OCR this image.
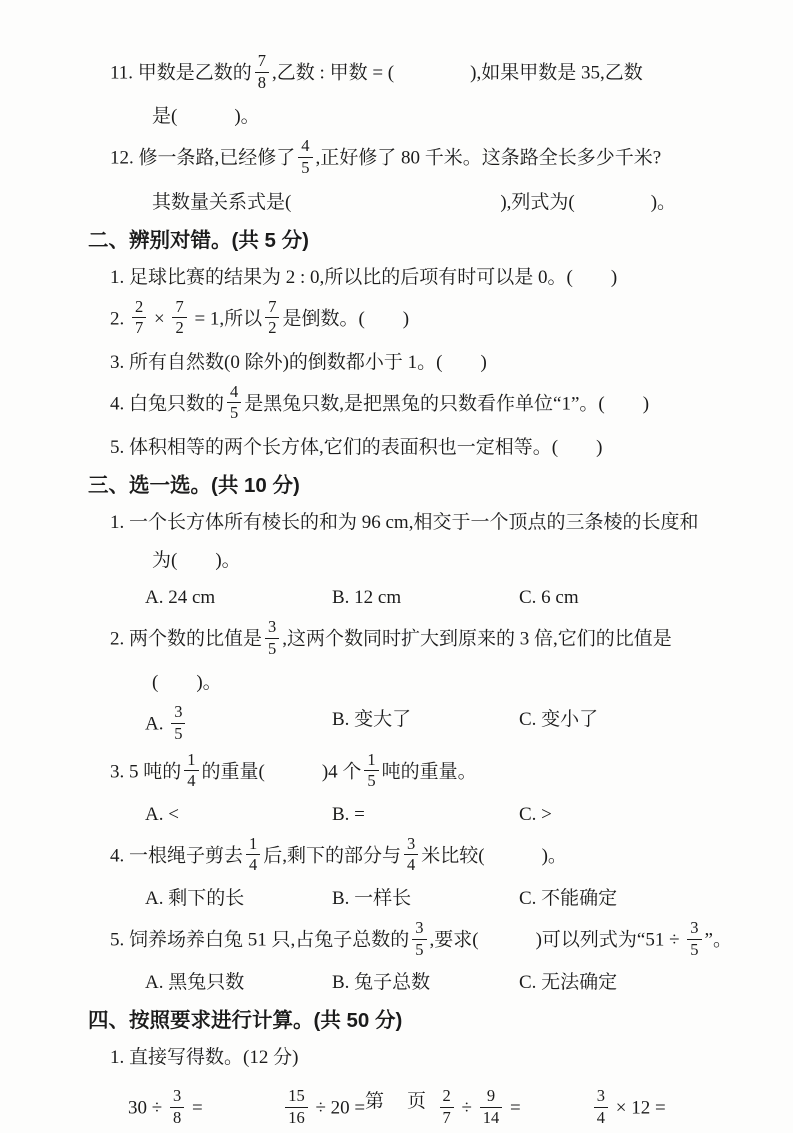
11. 甲数是乙数的 $\frac{7}{8}$ ,乙数 : 甲数 = (　　　　),如果甲数是 35,乙数
是(　　　)。
12. 修一条路,已经修了 $\frac{4}{5}$ ,正好修了 80 千米。这条路全长多少千米?
其数量关系式是(　　　　　　　　　　　),列式为(　　　　)。
二、辨别对错。(共 5 分)
1. 足球比赛的结果为 2 : 0,所以比的后项有时可以是 0。(　　)
2. $\frac{2}{7} \times \frac{7}{2} = 1$,所以 $\frac{7}{2}$ 是倒数。(　　)
3. 所有自然数(0 除外)的倒数都小于 1。(　　)
4. 白兔只数的 $\frac{4}{5}$ 是黑兔只数,是把黑兔的只数看作单位“1”。(　　)
5. 体积相等的两个长方体,它们的表面积也一定相等。(　　)
三、选一选。(共 10 分)
1. 一个长方体所有棱长的和为 96 cm,相交于一个顶点的三条棱的长度和
为(　　)。
A. 24 cm	B. 12 cm	C. 6 cm
2. 两个数的比值是 $\frac{3}{5}$ ,这两个数同时扩大到原来的 3 倍,它们的比值是
(　　)。
A. $\frac{3}{5}$	B. 变大了	C. 变小了
3. 5 吨的 $\frac{1}{4}$ 的重量(　　　)4 个 $\frac{1}{5}$ 吨的重量。
A. <	B. =	C. >
4. 一根绳子剪去 $\frac{1}{4}$ 后,剩下的部分与 $\frac{3}{4}$ 米比较(　　　)。
A. 剩下的长	B. 一样长	C. 不能确定
5. 饲养场养白兔 51 只,占兔子总数的 $\frac{3}{5}$ ,要求(　　　)可以列式为“$51 \div \frac{3}{5}$ ”。
A. 黑兔只数	B. 兔子总数	C. 无法确定
四、按照要求进行计算。(共 50 分)
1. 直接写得数。(12 分)
$30 \div \frac{3}{8}$ =	$\frac{15}{16} \div 20$ =	$\frac{2}{7} \div \frac{9}{14}$ =	$\frac{3}{4} \times 12$ =
第　页
